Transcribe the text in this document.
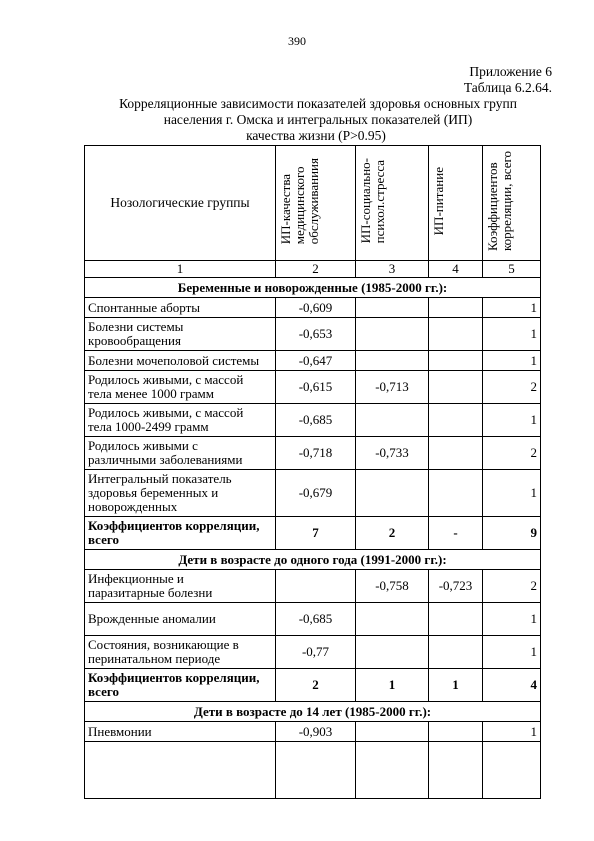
390
Приложение 6
Таблица 6.2.64.
Корреляционные зависимости показателей здоровья основных групп
населения г. Омска и интегральных показателей (ИП)
качества жизни (P>0.95)
Нозологические группы	ИП-качества медицинского обслуживаниия	ИП-социально- психол.стресса	ИП-питание	Коэффициентов корреляции, всего

1	2	3	4	5
Беременные и новорожденные (1985-2000 гг.):				
Спонтанные аборты	-0,609			1
Болезни системы
кровообращения	-0,653			1
Болезни мочеполовой системы	-0,647			1
Родилось живыми, с массой
тела менее 1000 грамм	-0,615	-0,713		2
Родилось живыми, с массой
тела 1000-2499 грамм	-0,685			1
Родилось живыми с
различными заболеваниями	-0,718	-0,733		2
Интегральный показатель
здоровья беременных и
новорожденных	-0,679			1
Коэффициентов корреляции,
всего	7	2	-	9
Дети в возрасте до одного года (1991-2000 гг.):				
Инфекционные и
паразитарные болезни		-0,758	-0,723	2
Врожденные аномалии	-0,685			1
Состояния, возникающие в
перинатальном периоде	-0,77			1
Коэффициентов корреляции,
всего	2	1	1	4
Дети в возрасте до 14 лет (1985-2000 гг.):				
Пневмонии	-0,903			1
